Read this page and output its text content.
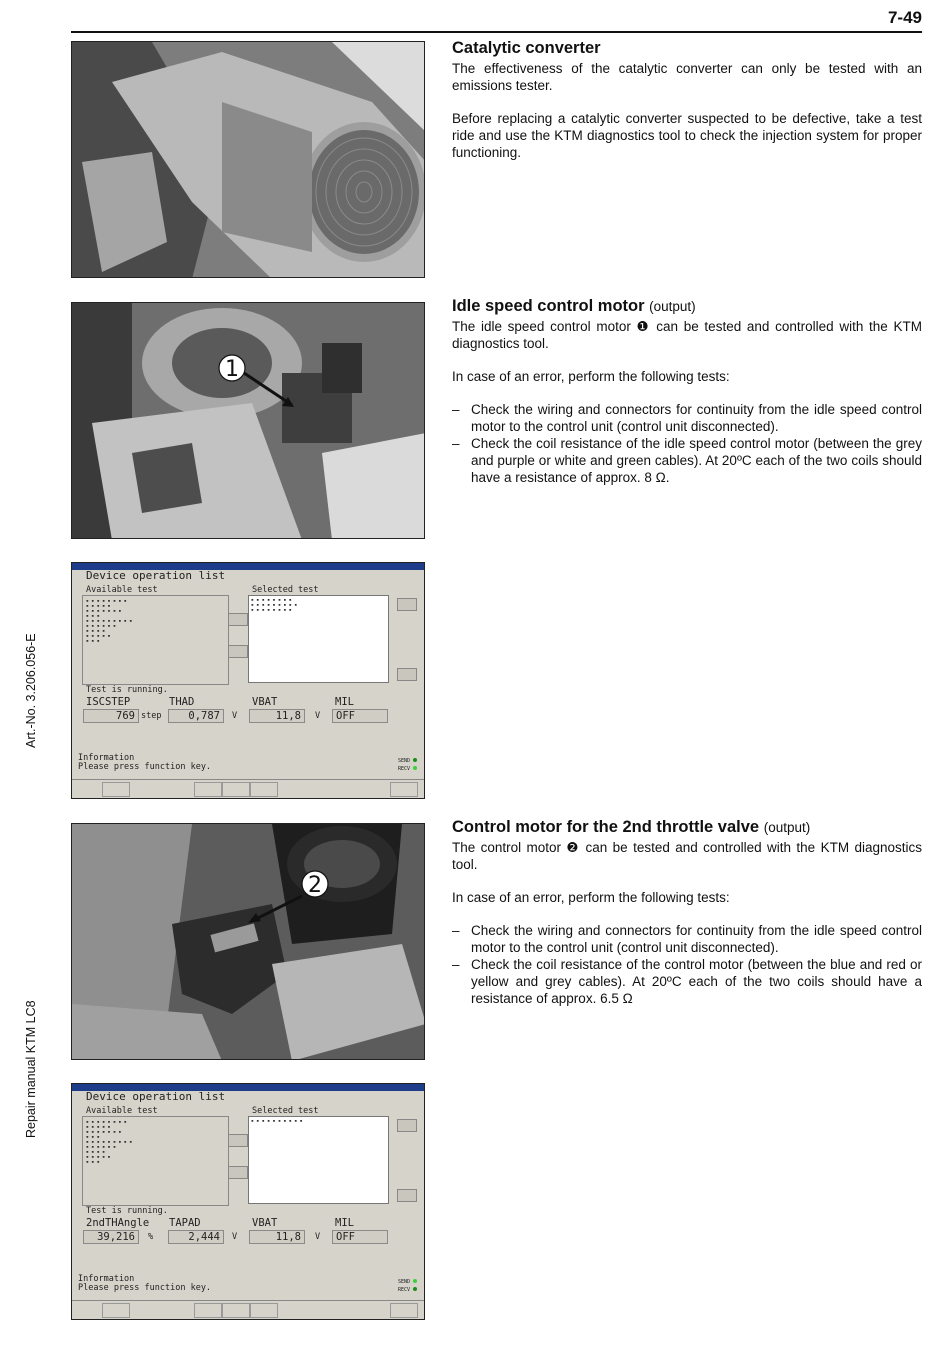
7-49
Art.-No. 3.206.056-E
Repair manual KTM LC8
Catalytic converter

The effectiveness of the catalytic converter can only be tested with an emissions tester.

Before replacing a catalytic converter suspected to be defective, take a test ride and use the KTM diagnostics tool to check the injection system for proper functioning.

1
Idle speed control motor (output)

The idle speed control motor ❶ can be tested and controlled with the KTM diagnostics tool.

In case of an error, perform the following tests:

– Check the wiring and connectors for continuity from the idle speed control motor to the control unit (control unit disconnected).
– Check the coil resistance of the idle speed control motor (between the grey and purple or white and green cables). At 20ºC each of the two coils should have a resistance of approx. 8 Ω.
Device operation list
Available test	Selected test
▪ ▪ ▪ ▪ ▪ ▪ ▪ ▪
▪ ▪ ▪ ▪ ▪
▪ ▪ ▪ ▪ ▪ ▪ ▪
▪ ▪ ▪
▪ ▪ ▪ ▪ ▪ ▪ ▪ ▪ ▪
▪ ▪ ▪ ▪ ▪ ▪
▪ ▪ ▪ ▪
▪ ▪ ▪ ▪ ▪
▪ ▪ ▪
▪ ▪ ▪ ▪ ▪ ▪ ▪ ▪
▪ ▪ ▪ ▪ ▪ ▪ ▪ ▪ ▪
▪ ▪ ▪ ▪ ▪ ▪ ▪ ▪
Test is running.
ISCSTEP	THAD	VBAT	MIL
769 step	0,787	V	11,8	V	OFF
Information
Please press function key.
SEND
RECV
2
Control motor for the 2nd throttle valve (output)

The control motor ❷ can be tested and controlled with the KTM diagnostics tool.

In case of an error, perform the following tests:

– Check the wiring and connectors for continuity from the idle speed control motor to the control unit (control unit disconnected).
– Check the coil resistance of the control motor (between the blue and red or yellow and grey cables). At 20ºC each of the two coils should have a resistance of approx. 6.5 Ω
Device operation list
Available test	Selected test
▪ ▪ ▪ ▪ ▪ ▪ ▪ ▪
▪ ▪ ▪ ▪ ▪
▪ ▪ ▪ ▪ ▪ ▪ ▪
▪ ▪ ▪
▪ ▪ ▪ ▪ ▪ ▪ ▪ ▪ ▪
▪ ▪ ▪ ▪ ▪ ▪
▪ ▪ ▪ ▪
▪ ▪ ▪ ▪ ▪
▪ ▪ ▪
▪ ▪ ▪ ▪ ▪ ▪ ▪ ▪ ▪ ▪
Test is running.
2ndTHAngle TAPAD	VBAT	MIL
39,216	%	2,444	V	11,8	V	OFF
Information
Please press function key.
SEND
RECV
